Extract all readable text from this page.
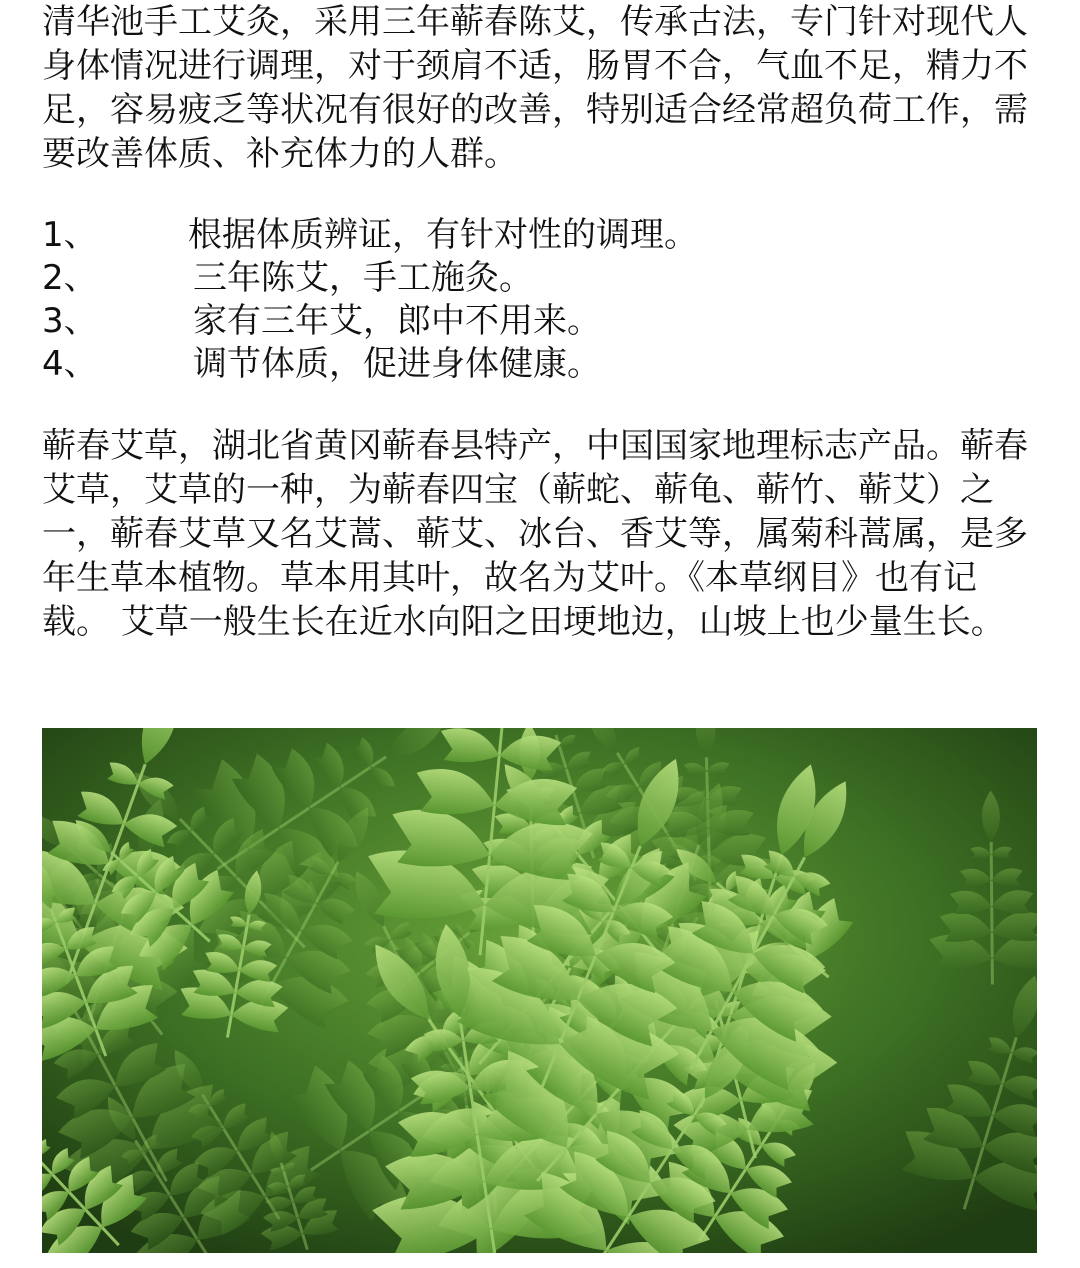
清华池手工艾灸，采用三年蕲春陈艾，传承古法，专门针对现代人身体情况进行调理，对于颈肩不适，肠胃不合，气血不足，精力不足，容易疲乏等状况有很好的改善，特别适合经常超负荷工作，需要改善体质、补充体力的人群。

1、	根据体质辨证，有针对性的调理。
2、	三年陈艾，手工施灸。
3、	家有三年艾，郎中不用来。
4、	调节体质，促进身体健康。

蕲春艾草，湖北省黄冈蕲春县特产，中国国家地理标志产品。蕲春艾草，艾草的一种，为蕲春四宝（蕲蛇、蕲龟、蕲竹、蕲艾）之一，蕲春艾草又名艾蒿、蕲艾、冰台、香艾等，属菊科蒿属，是多年生草本植物。草本用其叶，故名为艾叶。《本草纲目》也有记载。 艾草一般生长在近水向阳之田埂地边，山坡上也少量生长。
